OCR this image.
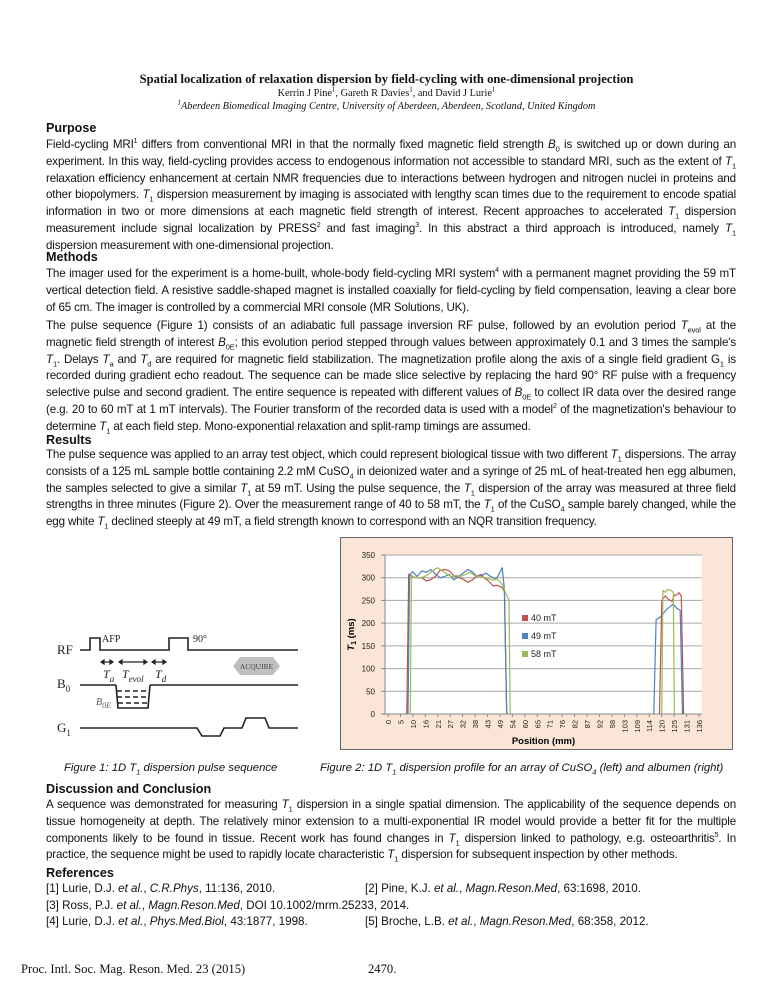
Spatial localization of relaxation dispersion by field-cycling with one-dimensional projection
Kerrin J Pine$^1$, Gareth R Davies$^1$, and David J Lurie$^1$
$^1$Aberdeen Biomedical Imaging Centre, University of Aberdeen, Aberdeen, Scotland, United Kingdom
Purpose
Field-cycling MRI$^1$ differs from conventional MRI in that the normally fixed magnetic field strength $B_0$ is switched up or down during an experiment. In this way, field-cycling provides access to endogenous information not accessible to standard MRI, such as the extent of $T_1$ relaxation efficiency enhancement at certain NMR frequencies due to interactions between hydrogen and nitrogen nuclei in proteins and other biopolymers. $T_1$ dispersion measurement by imaging is associated with lengthy scan times due to the requirement to encode spatial information in two or more dimensions at each magnetic field strength of interest. Recent approaches to accelerated $T_1$ dispersion measurement include signal localization by PRESS$^2$ and fast imaging$^3$. In this abstract a third approach is introduced, namely $T_1$ dispersion measurement with one-dimensional projection.
Methods
The imager used for the experiment is a home-built, whole-body field-cycling MRI system$^4$ with a permanent magnet providing the 59 mT vertical detection field. A resistive saddle-shaped magnet is installed coaxially for field-cycling by field compensation, leaving a clear bore of 65 cm. The imager is controlled by a commercial MRI console (MR Solutions, UK).
The pulse sequence (Figure 1) consists of an adiabatic full passage inversion RF pulse, followed by an evolution period $T_{evol}$ at the magnetic field strength of interest $B_{0E}$; this evolution period stepped through values between approximately 0.1 and 3 times the sample's $T_1$. Delays $T_a$ and $T_d$ are required for magnetic field stabilization. The magnetization profile along the axis of a single field gradient $G_1$ is recorded during gradient echo readout. The sequence can be made slice selective by replacing the hard 90° RF pulse with a frequency selective pulse and second gradient. The entire sequence is repeated with different values of $B_{0E}$ to collect IR data over the desired range (e.g. 20 to 60 mT at 1 mT intervals). The Fourier transform of the recorded data is used with a model$^2$ of the magnetization's behaviour to determine $T_1$ at each field step. Mono-exponential relaxation and split-ramp timings are assumed.
Results
The pulse sequence was applied to an array test object, which could represent biological tissue with two different $T_1$ dispersions. The array consists of a 125 mL sample bottle containing 2.2 mM CuSO$_4$ in deionized water and a syringe of 25 mL of heat-treated hen egg albumen, the samples selected to give a similar $T_1$ at 59 mT. Using the pulse sequence, the $T_1$ dispersion of the array was measured at three field strengths in three minutes (Figure 2). Over the measurement range of 40 to 58 mT, the $T_1$ of the CuSO$_4$ sample barely changed, while the egg white $T_1$ declined steeply at 49 mT, a field strength known to correspond with an NQR transition frequency.
RF
$B_0$
$G_1$
AFP	90°
$T_a$ $T_{evol}$ $T_d$
$B_{0E}$
ACQUIRE
0
50
100
150
200
250
300
350
0 5 10 16 21 27 32 38 43 49 54 60 65 71 76 82 87 92 98 103 109 114 120 125 131 136
40 mT
49 mT
58 mT
Position (mm)
$T_1$ (ms)
Figure 1: 1D $T_1$ dispersion pulse sequence	Figure 2: 1D $T_1$ dispersion profile for an array of CuSO$_4$ (left) and albumen (right)
Discussion and Conclusion
A sequence was demonstrated for measuring $T_1$ dispersion in a single spatial dimension. The applicability of the sequence depends on tissue homogeneity at depth. The relatively minor extension to a multi-exponential IR model would provide a better fit for the multiple components likely to be found in tissue. Recent work has found changes in $T_1$ dispersion linked to pathology, e.g. osteoarthritis$^5$. In practice, the sequence might be used to rapidly locate characteristic $T_1$ dispersion for subsequent inspection by other methods.
References
[1] Lurie, D.J. et al., C.R.Phys, 11:136, 2010.	[2] Pine, K.J. et al., Magn.Reson.Med, 63:1698, 2010.
[3] Ross, P.J. et al., Magn.Reson.Med, DOI 10.1002/mrm.25233, 2014.
[4] Lurie, D.J. et al., Phys.Med.Biol, 43:1877, 1998.	[5] Broche, L.B. et al., Magn.Reson.Med, 68:358, 2012.
Proc. Intl. Soc. Mag. Reson. Med. 23 (2015)	2470.
